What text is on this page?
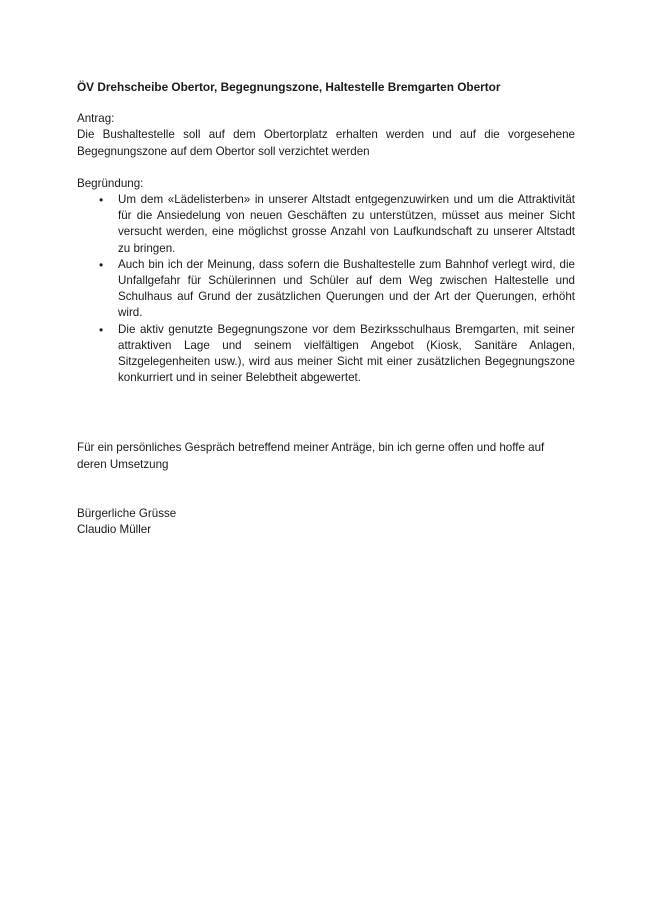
ÖV Drehscheibe Obertor, Begegnungszone, Haltestelle Bremgarten Obertor

Antrag:

Die Bushaltestelle soll auf dem Obertorplatz erhalten werden und auf die vorgesehene Begegnungszone auf dem Obertor soll verzichtet werden

Begründung:

• Um dem «Lädelisterben» in unserer Altstadt entgegenzuwirken und um die Attraktivität für die Ansiedelung von neuen Geschäften zu unterstützen, müsset aus meiner Sicht versucht werden, eine möglichst grosse Anzahl von Laufkundschaft zu unserer Altstadt zu bringen.
• Auch bin ich der Meinung, dass sofern die Bushaltestelle zum Bahnhof verlegt wird, die Unfallgefahr für Schülerinnen und Schüler auf dem Weg zwischen Haltestelle und Schulhaus auf Grund der zusätzlichen Querungen und der Art der Querungen, erhöht wird.
• Die aktiv genutzte Begegnungszone vor dem Bezirksschulhaus Bremgarten, mit seiner attraktiven Lage und seinem vielfältigen Angebot (Kiosk, Sanitäre Anlagen, Sitzgelegenheiten usw.), wird aus meiner Sicht mit einer zusätzlichen Begegnungszone konkurriert und in seiner Belebtheit abgewertet.

Für ein persönliches Gespräch betreffend meiner Anträge, bin ich gerne offen und hoffe auf deren Umsetzung

Bürgerliche Grüsse

Claudio Müller
